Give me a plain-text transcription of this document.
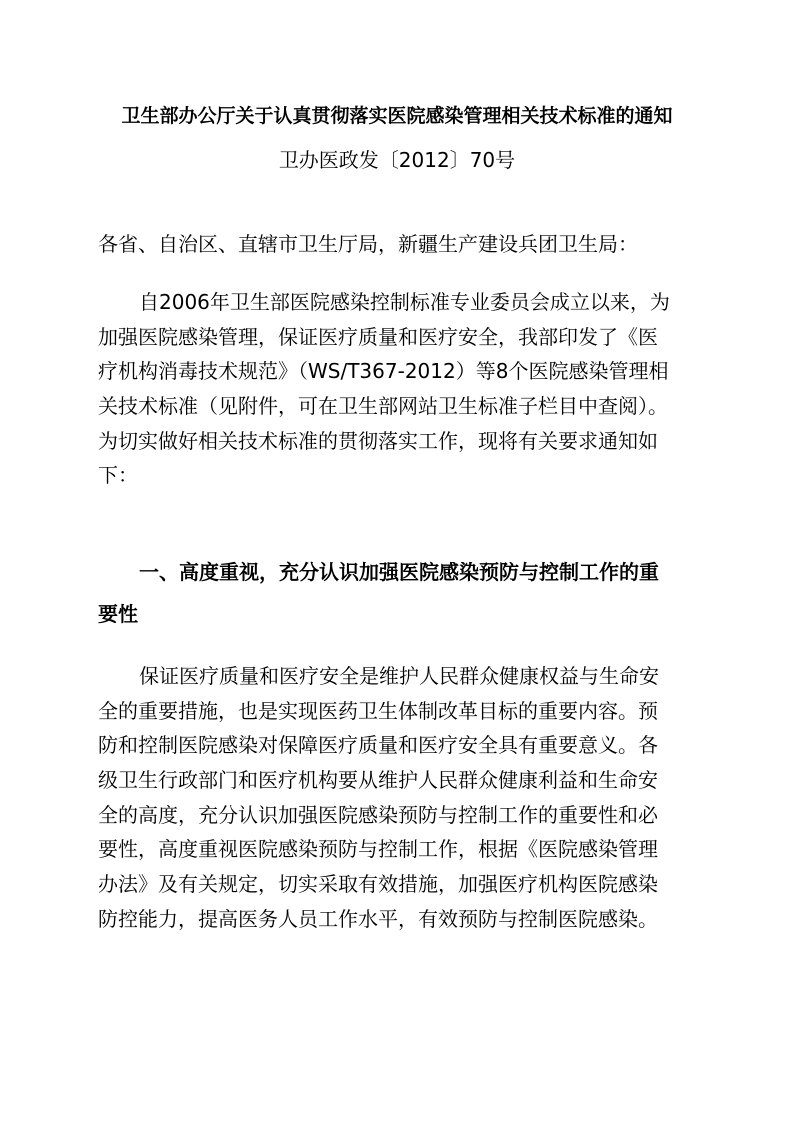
卫生部办公厅关于认真贯彻落实医院感染管理相关技术标准的通知
卫办医政发〔2012〕70号
各省、自治区、直辖市卫生厅局，新疆生产建设兵团卫生局：
自2006年卫生部医院感染控制标准专业委员会成立以来，为
加强医院感染管理，保证医疗质量和医疗安全，我部印发了《医
疗机构消毒技术规范》（WS/T367-2012）等8个医院感染管理相
关技术标准（见附件，可在卫生部网站卫生标准子栏目中查阅）。
为切实做好相关技术标准的贯彻落实工作，现将有关要求通知如
下：
一、高度重视，充分认识加强医院感染预防与控制工作的重
要性
保证医疗质量和医疗安全是维护人民群众健康权益与生命安
全的重要措施，也是实现医药卫生体制改革目标的重要内容。预
防和控制医院感染对保障医疗质量和医疗安全具有重要意义。各
级卫生行政部门和医疗机构要从维护人民群众健康利益和生命安
全的高度，充分认识加强医院感染预防与控制工作的重要性和必
要性，高度重视医院感染预防与控制工作，根据《医院感染管理
办法》及有关规定，切实采取有效措施，加强医疗机构医院感染
防控能力，提高医务人员工作水平，有效预防与控制医院感染。
